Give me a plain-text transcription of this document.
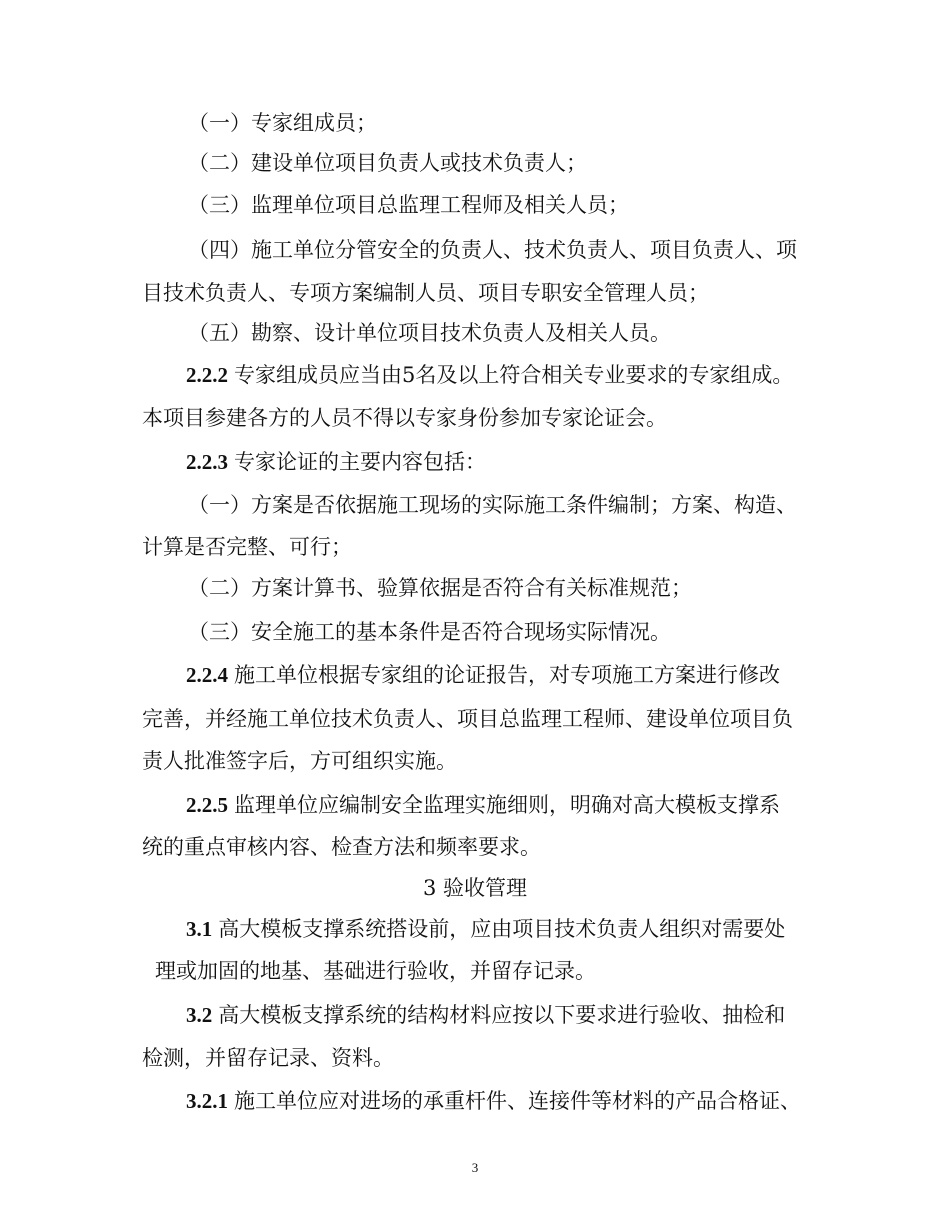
（一）专家组成员；
（二）建设单位项目负责人或技术负责人；
（三）监理单位项目总监理工程师及相关人员；
（四）施工单位分管安全的负责人、技术负责人、项目负责人、项
目技术负责人、专项方案编制人员、项目专职安全管理人员；
（五）勘察、设计单位项目技术负责人及相关人员。
2.2.2 专家组成员应当由5名及以上符合相关专业要求的专家组成。
本项目参建各方的人员不得以专家身份参加专家论证会。
2.2.3 专家论证的主要内容包括：
（一）方案是否依据施工现场的实际施工条件编制；方案、构造、
计算是否完整、可行；
（二）方案计算书、验算依据是否符合有关标准规范；
（三）安全施工的基本条件是否符合现场实际情况。
2.2.4 施工单位根据专家组的论证报告，对专项施工方案进行修改
完善，并经施工单位技术负责人、项目总监理工程师、建设单位项目负
责人批准签字后，方可组织实施。
2.2.5 监理单位应编制安全监理实施细则，明确对高大模板支撑系
统的重点审核内容、检查方法和频率要求。
3 验收管理
3.1 高大模板支撑系统搭设前，应由项目技术负责人组织对需要处
理或加固的地基、基础进行验收，并留存记录。
3.2 高大模板支撑系统的结构材料应按以下要求进行验收、抽检和
检测，并留存记录、资料。
3.2.1 施工单位应对进场的承重杆件、连接件等材料的产品合格证、
3
